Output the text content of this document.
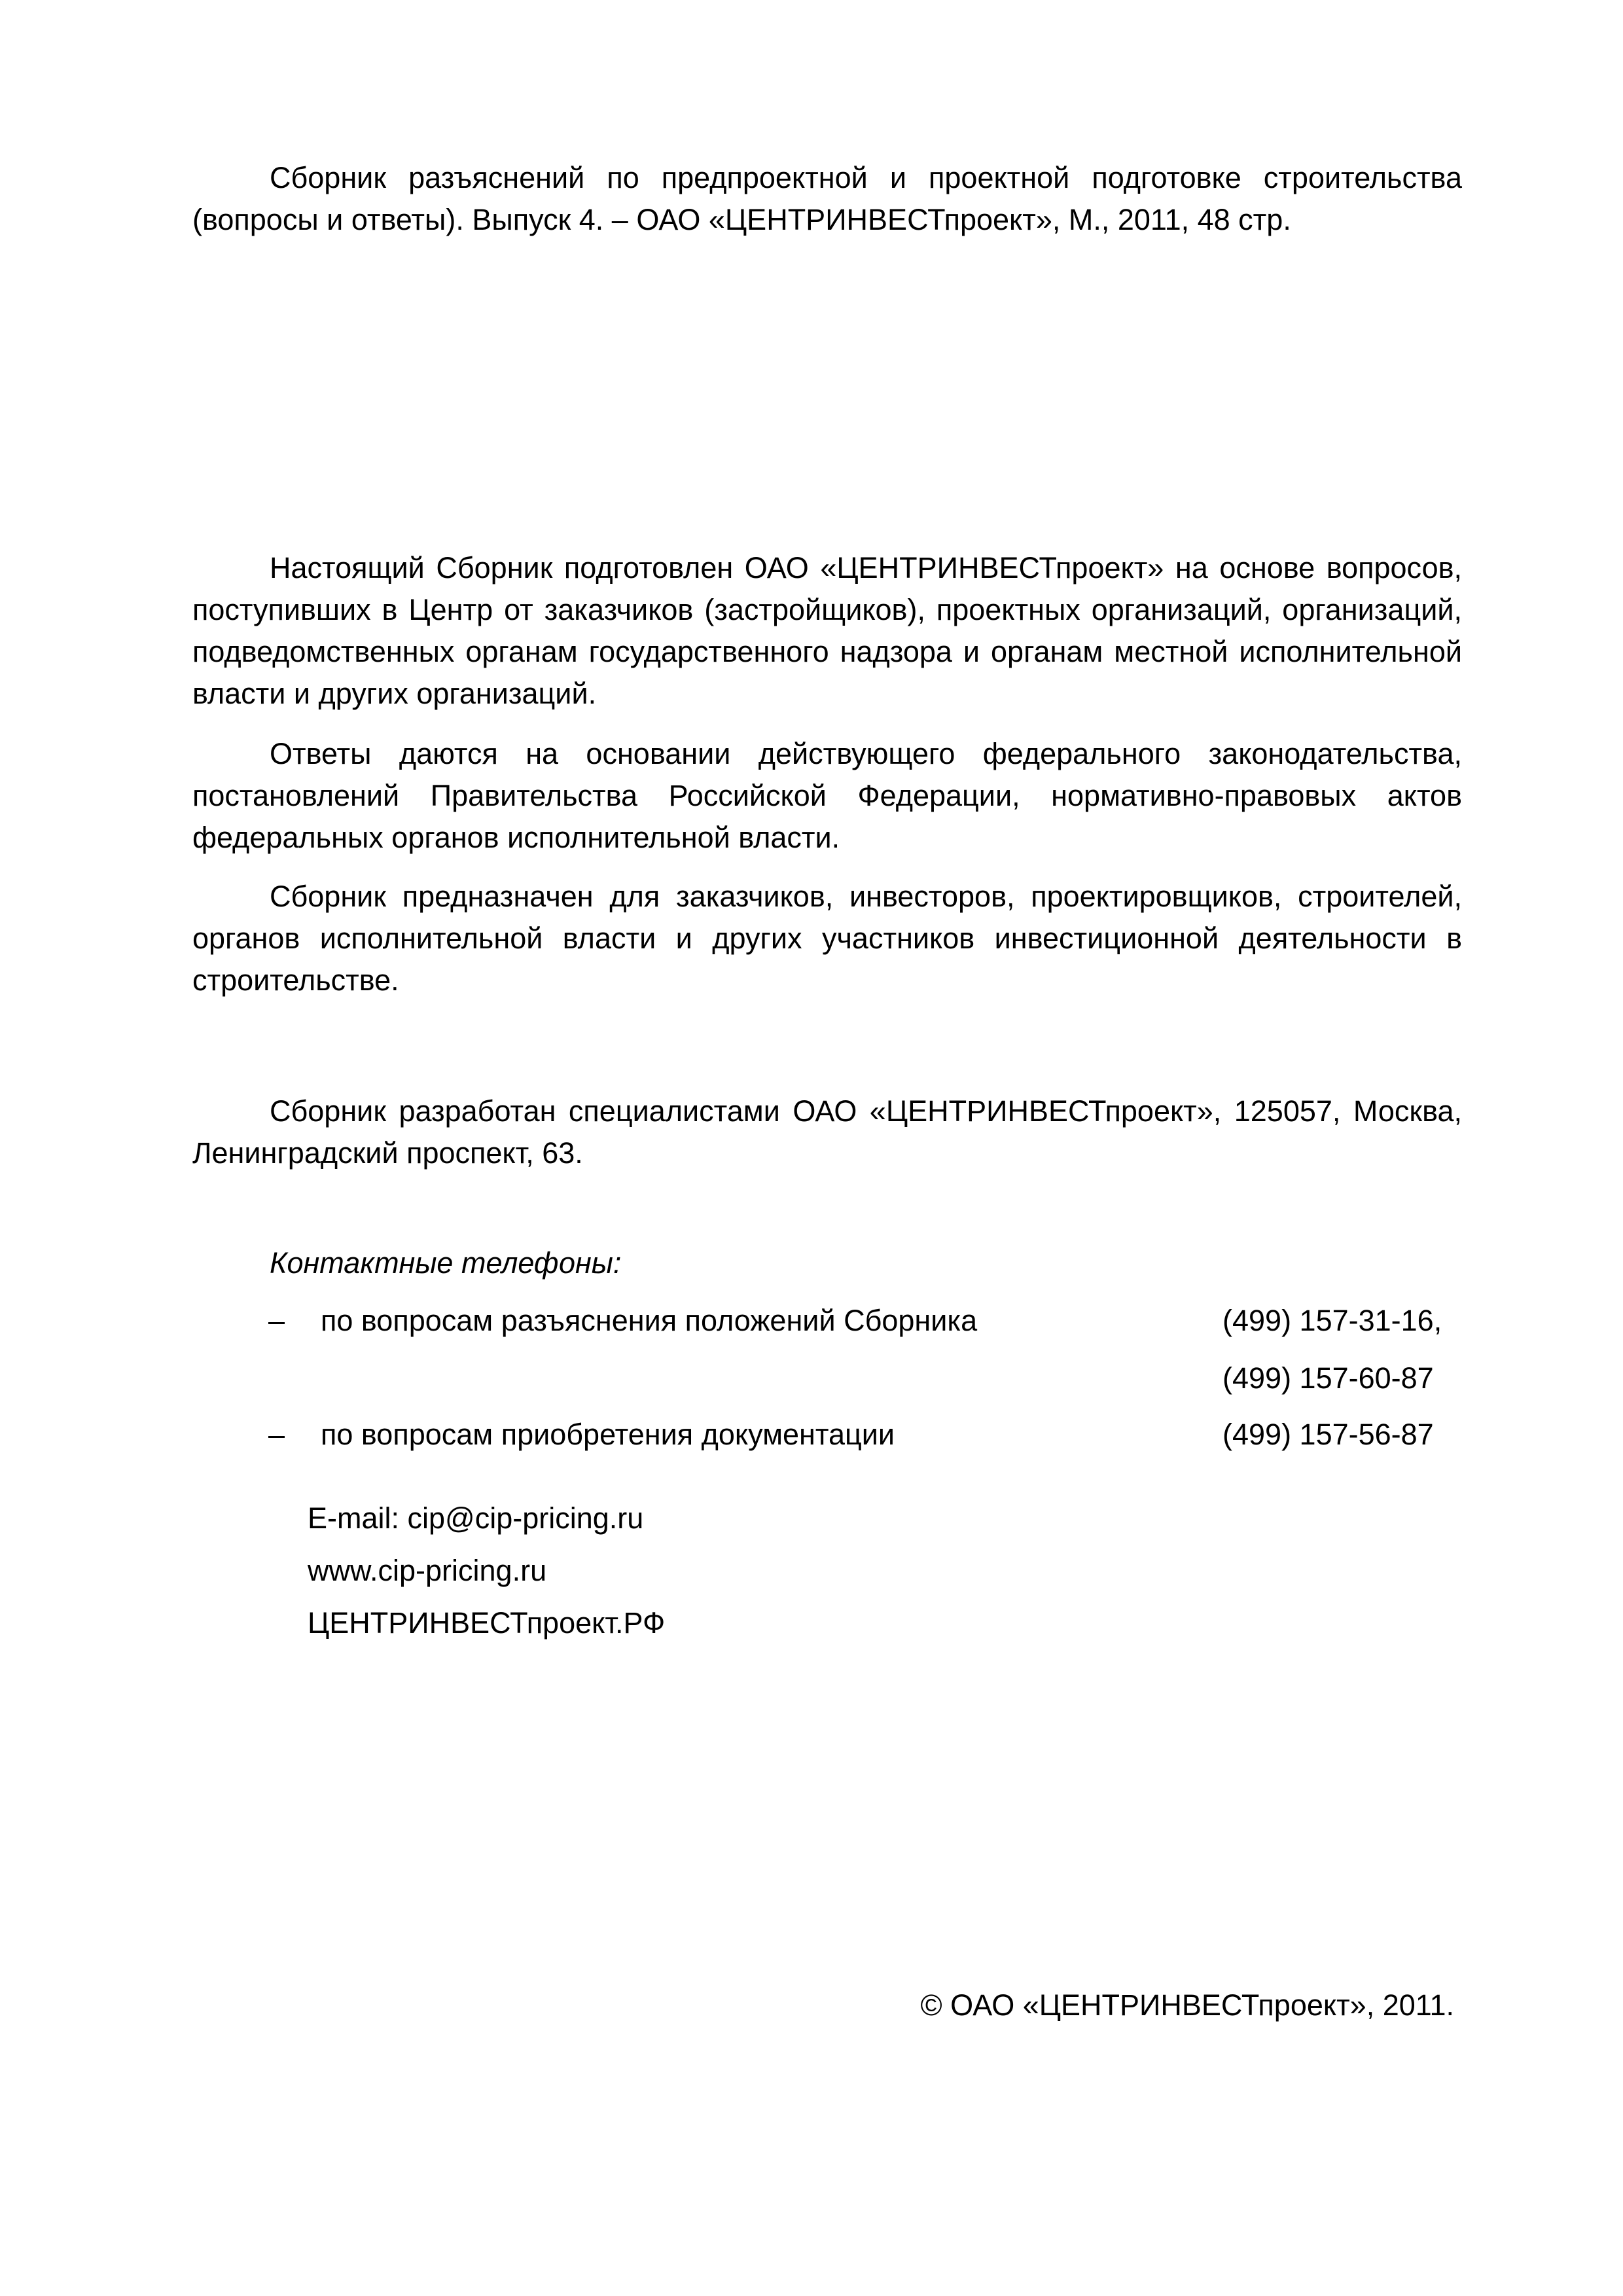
Сборник разъяснений по предпроектной и проектной подготовке строительства (вопросы и ответы). Выпуск 4. – ОАО «ЦЕНТРИНВЕСТпроект», М., 2011, 48 стр.

Настоящий Сборник подготовлен ОАО «ЦЕНТРИНВЕСТпроект» на основе вопросов, поступивших в Центр от заказчиков (застройщиков), проектных организаций, организаций, подведомственных органам государственного надзора и органам местной исполнительной власти и других организаций.

Ответы даются на основании действующего федерального законодательства, постановлений Правительства Российской Федерации, нормативно-правовых актов федеральных органов исполнительной власти.

Сборник предназначен для заказчиков, инвесторов, проектировщиков, строителей, органов исполнительной власти и других участников инвестиционной деятельности в строительстве.

Сборник разработан специалистами ОАО «ЦЕНТРИНВЕСТпроект», 125057, Москва, Ленинградский проспект, 63.

Контактные телефоны:
– по вопросам разъяснения положений Сборника	(499) 157-31-16,
(499) 157-60-87
– по вопросам приобретения документации	(499) 157-56-87
E-mail: cip@cip-pricing.ru
www.cip-pricing.ru
ЦЕНТРИНВЕСТпроект.РФ
© ОАО «ЦЕНТРИНВЕСТпроект», 2011.
